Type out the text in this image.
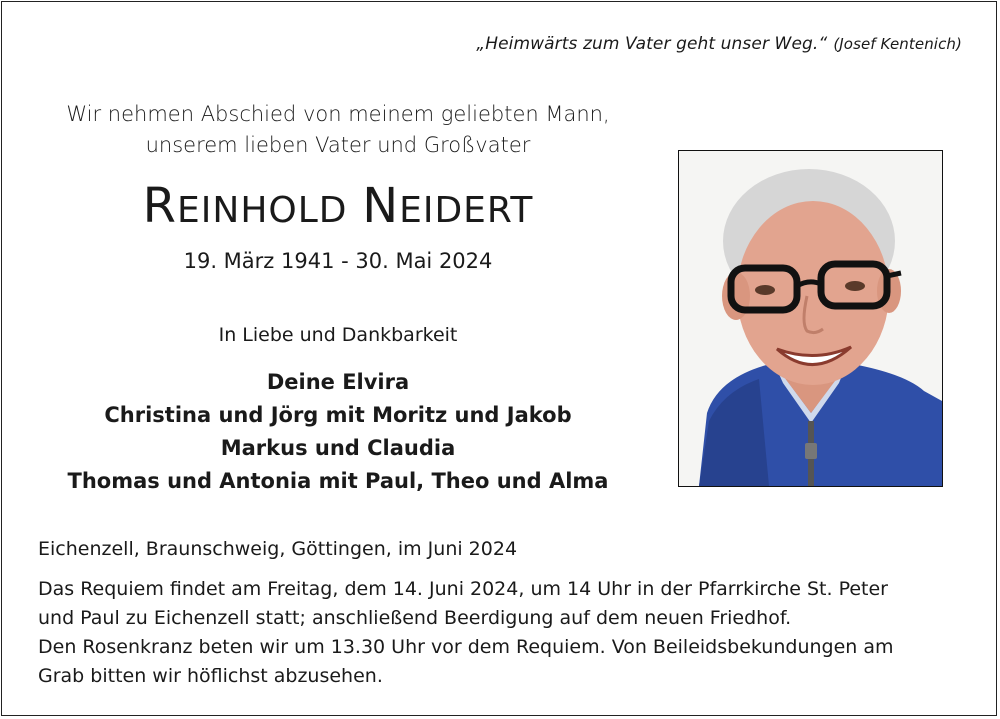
„Heimwärts zum Vater geht unser Weg.“ (Josef Kentenich)
Wir nehmen Abschied von meinem geliebten Mann,
unserem lieben Vater und Großvater
REINHOLD NEIDERT
19. März 1941 - 30. Mai 2024
In Liebe und Dankbarkeit
Deine Elvira
Christina und Jörg mit Moritz und Jakob
Markus und Claudia
Thomas und Antonia mit Paul, Theo und Alma
Eichenzell, Braunschweig, Göttingen, im Juni 2024
Das Requiem findet am Freitag, dem 14. Juni 2024, um 14 Uhr in der Pfarrkirche St. Peter
und Paul zu Eichenzell statt; anschließend Beerdigung auf dem neuen Friedhof.
Den Rosenkranz beten wir um 13.30 Uhr vor dem Requiem. Von Beileidsbekundungen am
Grab bitten wir höflichst abzusehen.
